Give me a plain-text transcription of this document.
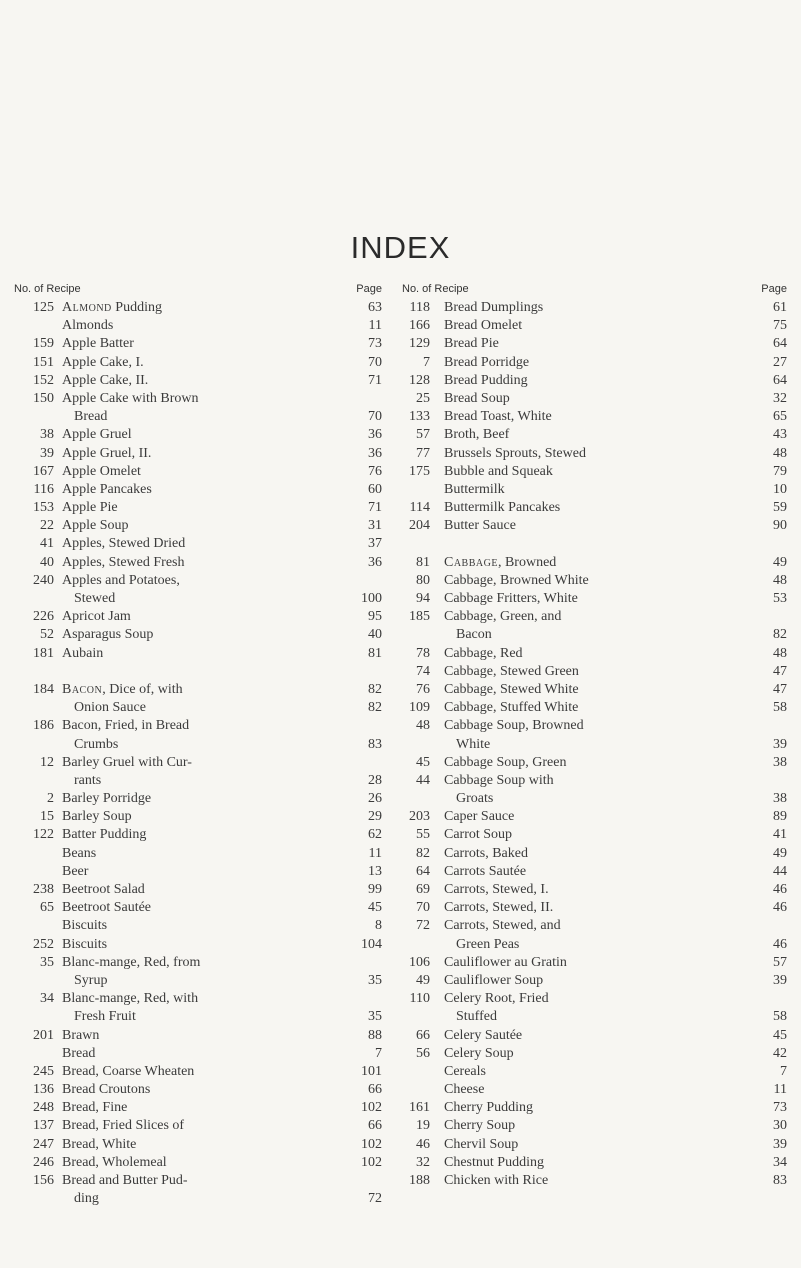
INDEX
No. of Recipe	Page
125 Almond Pudding	63
Almonds	11
159 Apple Batter	73
151 Apple Cake, I.	70
152 Apple Cake, II.	71
150 Apple Cake with Brown
Bread	70
38 Apple Gruel	36
39 Apple Gruel, II.	36
167 Apple Omelet	76
116 Apple Pancakes	60
153 Apple Pie	71
22 Apple Soup	31
41 Apples, Stewed Dried	37
40 Apples, Stewed Fresh	36
240 Apples and Potatoes,
Stewed	100
226 Apricot Jam	95
52 Asparagus Soup	40
181 Aubain	81
184 Bacon, Dice of, with	82
Onion Sauce	82
186 Bacon, Fried, in Bread
Crumbs	83
12 Barley Gruel with Cur-
rants	28
2 Barley Porridge	26
15 Barley Soup	29
122 Batter Pudding	62
Beans	11
Beer	13
238 Beetroot Salad	99
65 Beetroot Sautée	45
Biscuits	8
252 Biscuits	104
35 Blanc-mange, Red, from
Syrup	35
34 Blanc-mange, Red, with
Fresh Fruit	35
201 Brawn	88
Bread	7
245 Bread, Coarse Wheaten	101
136 Bread Croutons	66
248 Bread, Fine	102
137 Bread, Fried Slices of	66
247 Bread, White	102
246 Bread, Wholemeal	102
156 Bread and Butter Pud-
ding	72
No. of Recipe	Page
118 Bread Dumplings	61
166 Bread Omelet	75
129 Bread Pie	64
7 Bread Porridge	27
128 Bread Pudding	64
25 Bread Soup	32
133 Bread Toast, White	65
57 Broth, Beef	43
77 Brussels Sprouts, Stewed	48
175 Bubble and Squeak	79
Buttermilk	10
114 Buttermilk Pancakes	59
204 Butter Sauce	90
81 Cabbage, Browned	49
80 Cabbage, Browned White	48
94 Cabbage Fritters, White	53
185 Cabbage, Green, and
Bacon	82
78 Cabbage, Red	48
74 Cabbage, Stewed Green	47
76 Cabbage, Stewed White	47
109 Cabbage, Stuffed White	58
48 Cabbage Soup, Browned
White	39
45 Cabbage Soup, Green	38
44 Cabbage Soup with
Groats	38
203 Caper Sauce	89
55 Carrot Soup	41
82 Carrots, Baked	49
64 Carrots Sautée	44
69 Carrots, Stewed, I.	46
70 Carrots, Stewed, II.	46
72 Carrots, Stewed, and
Green Peas	46
106 Cauliflower au Gratin	57
49 Cauliflower Soup	39
110 Celery Root, Fried
Stuffed	58
66 Celery Sautée	45
56 Celery Soup	42
Cereals	7
Cheese	11
161 Cherry Pudding	73
19 Cherry Soup	30
46 Chervil Soup	39
32 Chestnut Pudding	34
188 Chicken with Rice	83
